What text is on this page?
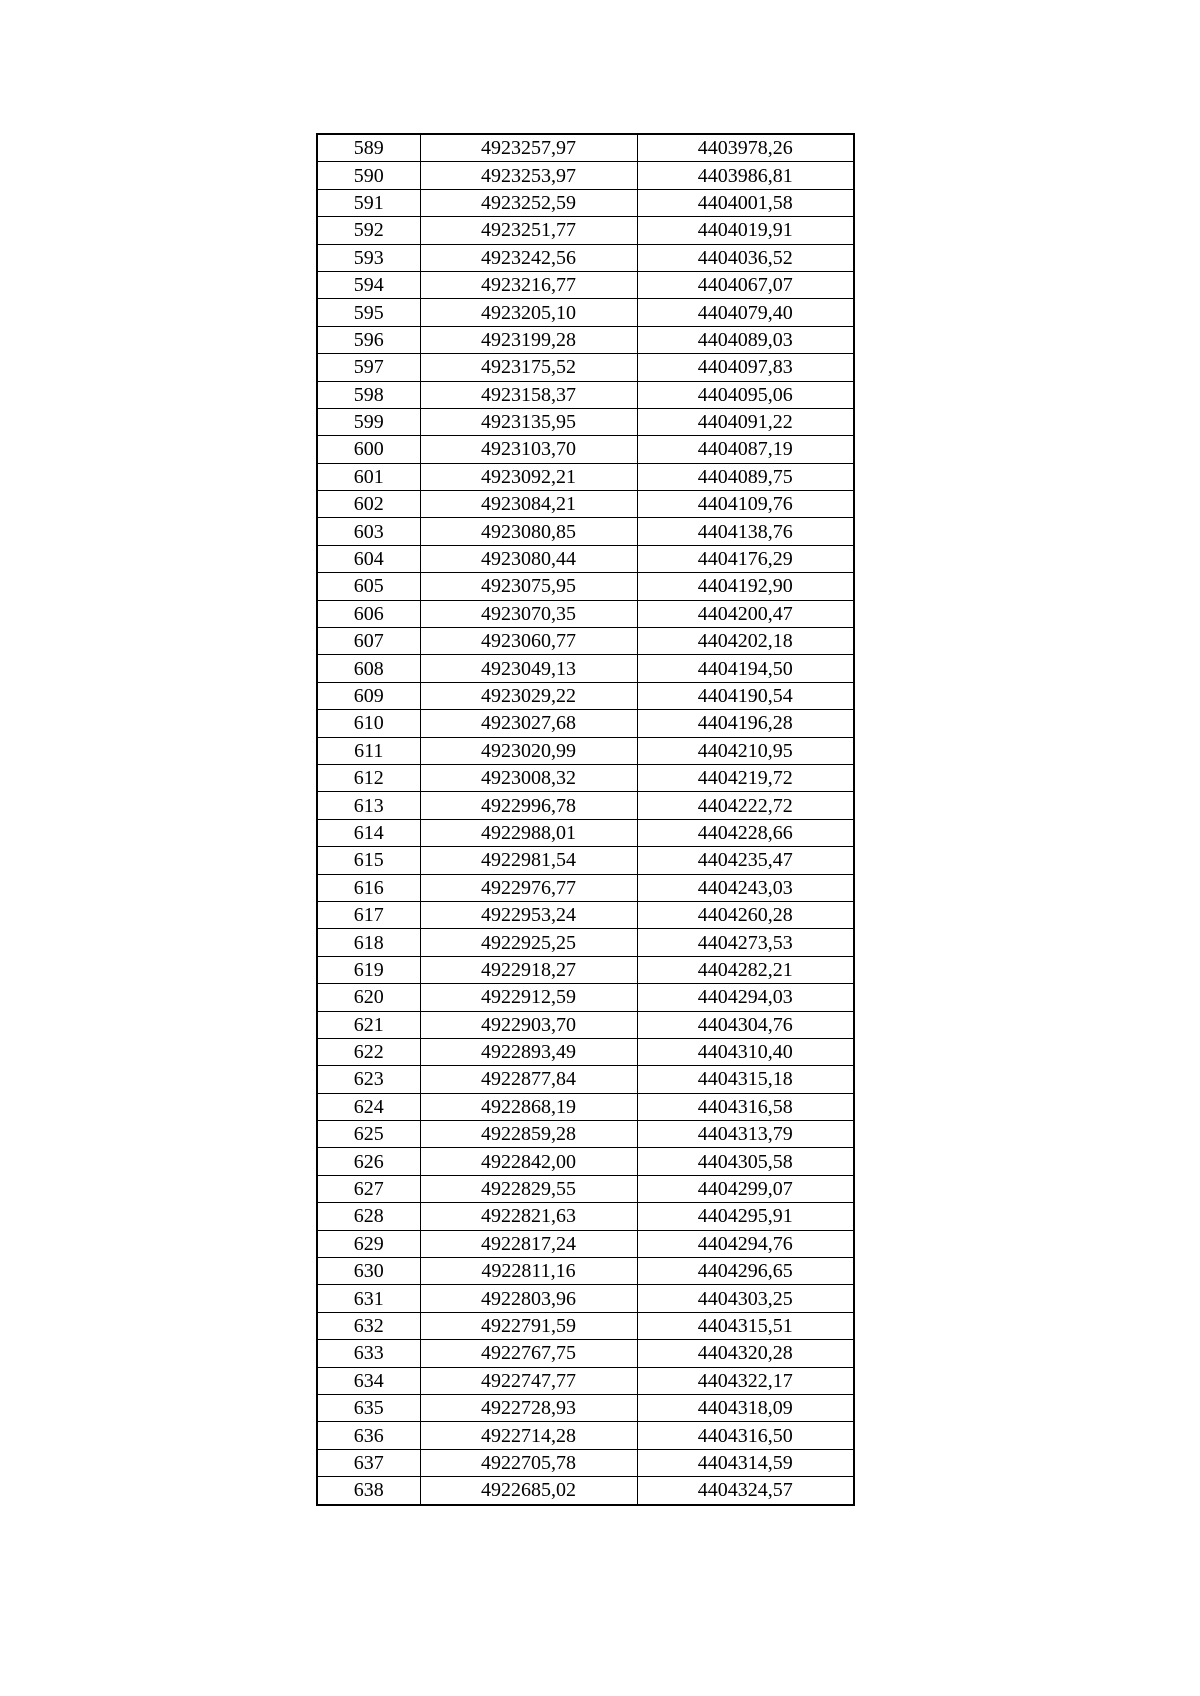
589	4923257,97	4403978,26
590	4923253,97	4403986,81
591	4923252,59	4404001,58
592	4923251,77	4404019,91
593	4923242,56	4404036,52
594	4923216,77	4404067,07
595	4923205,10	4404079,40
596	4923199,28	4404089,03
597	4923175,52	4404097,83
598	4923158,37	4404095,06
599	4923135,95	4404091,22
600	4923103,70	4404087,19
601	4923092,21	4404089,75
602	4923084,21	4404109,76
603	4923080,85	4404138,76
604	4923080,44	4404176,29
605	4923075,95	4404192,90
606	4923070,35	4404200,47
607	4923060,77	4404202,18
608	4923049,13	4404194,50
609	4923029,22	4404190,54
610	4923027,68	4404196,28
611	4923020,99	4404210,95
612	4923008,32	4404219,72
613	4922996,78	4404222,72
614	4922988,01	4404228,66
615	4922981,54	4404235,47
616	4922976,77	4404243,03
617	4922953,24	4404260,28
618	4922925,25	4404273,53
619	4922918,27	4404282,21
620	4922912,59	4404294,03
621	4922903,70	4404304,76
622	4922893,49	4404310,40
623	4922877,84	4404315,18
624	4922868,19	4404316,58
625	4922859,28	4404313,79
626	4922842,00	4404305,58
627	4922829,55	4404299,07
628	4922821,63	4404295,91
629	4922817,24	4404294,76
630	4922811,16	4404296,65
631	4922803,96	4404303,25
632	4922791,59	4404315,51
633	4922767,75	4404320,28
634	4922747,77	4404322,17
635	4922728,93	4404318,09
636	4922714,28	4404316,50
637	4922705,78	4404314,59
638	4922685,02	4404324,57
